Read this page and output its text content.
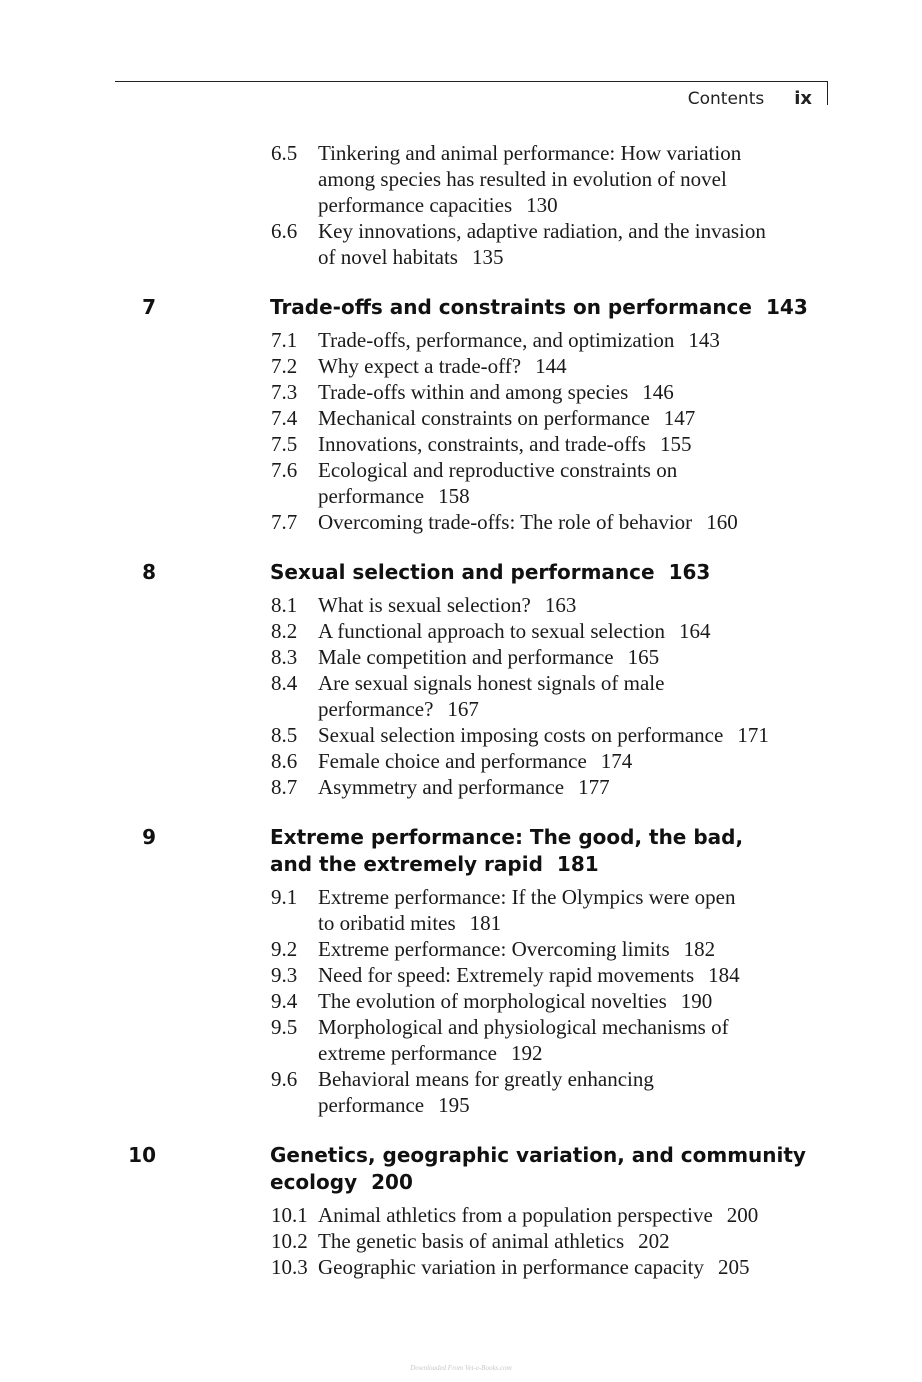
Contents ix
6.5 Tinkering and animal performance: How variation
among species has resulted in evolution of novel
performance capacities 130
6.6 Key innovations, adaptive radiation, and the invasion
of novel habitats 135
7	Trade-offs and constraints on performance 143
7.1 Trade-offs, performance, and optimization 143
7.2 Why expect a trade-off? 144
7.3 Trade-offs within and among species 146
7.4 Mechanical constraints on performance 147
7.5 Innovations, constraints, and trade-offs 155
7.6 Ecological and reproductive constraints on
performance 158
7.7 Overcoming trade-offs: The role of behavior 160
8	Sexual selection and performance 163
8.1 What is sexual selection? 163
8.2 A functional approach to sexual selection 164
8.3 Male competition and performance 165
8.4 Are sexual signals honest signals of male
performance? 167
8.5 Sexual selection imposing costs on performance 171
8.6 Female choice and performance 174
8.7 Asymmetry and performance 177
9	Extreme performance: The good, the bad,
and the extremely rapid 181
9.1 Extreme performance: If the Olympics were open
to oribatid mites 181
9.2 Extreme performance: Overcoming limits 182
9.3 Need for speed: Extremely rapid movements 184
9.4 The evolution of morphological novelties 190
9.5 Morphological and physiological mechanisms of
extreme performance 192
9.6 Behavioral means for greatly enhancing
performance 195
10	Genetics, geographic variation, and community
ecology 200
10.1 Animal athletics from a population perspective 200
10.2 The genetic basis of animal athletics 202
10.3 Geographic variation in performance capacity 205
Downloaded From Vet-e-Books.com
